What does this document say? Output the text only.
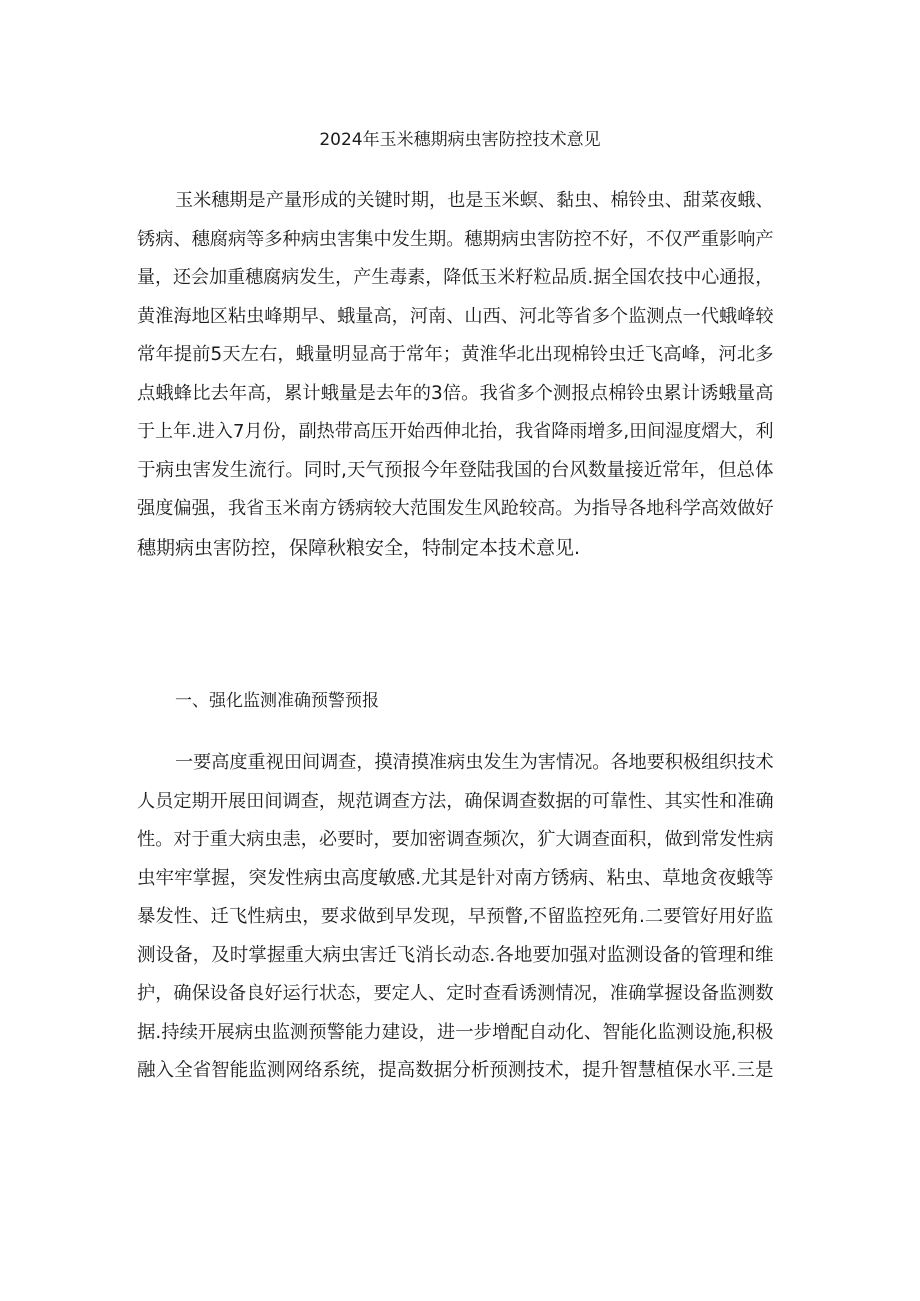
2024年玉米穗期病虫害防控技术意见

玉米穗期是产量形成的关键时期，也是玉米螟、黏虫、棉铃虫、甜菜夜蛾、
锈病、穗腐病等多种病虫害集中发生期。穗期病虫害防控不好，不仅严重影响产
量，还会加重穗腐病发生，产生毒素，降低玉米籽粒品质.据全国农技中心通报，
黄淮海地区粘虫峰期早、蛾量高，河南、山西、河北等省多个监测点一代蛾峰较
常年提前5天左右，蛾量明显高于常年；黄淮华北出现棉铃虫迁飞高峰，河北多
点蛾蜂比去年高，累计蛾量是去年的3倍。我省多个测报点棉铃虫累计诱蛾量高
于上年.进入7月份，副热带高压开始西伸北抬，我省降雨增多,田间湿度熠大，利
于病虫害发生流行。同时,天气预报今年登陆我国的台风数量接近常年，但总体
强度偏强，我省玉米南方锈病较大范围发生风跄较高。为指导各地科学高效做好
穗期病虫害防控，保障秋粮安全，特制定本技术意见.

一、强化监测准确预警预报

一要高度重视田间调查，摸清摸准病虫发生为害情况。各地要积极组织技术
人员定期开展田间调查，规范调查方法，确保调查数据的可靠性、其实性和准确
性。对于重大病虫恚，必要时，要加密调查频次，犷大调查面积，做到常发性病
虫牢牢掌握，突发性病虫高度敏感.尤其是针对南方锈病、粘虫、草地贪夜蛾等
暴发性、迁飞性病虫，要求做到早发现，早预瞥,不留监控死角.二要管好用好监
测设备，及时掌握重大病虫害迁飞消长动态.各地要加强对监测设备的管理和维
护，确保设备良好运行状态，要定人、定时查看诱测情况，准确掌握设备监测数
据.持续开展病虫监测预警能力建设，进一步增配自动化、智能化监测设施,积极
融入全省智能监测网络系统，提高数据分析预测技术，提升智慧植保水平.三是
